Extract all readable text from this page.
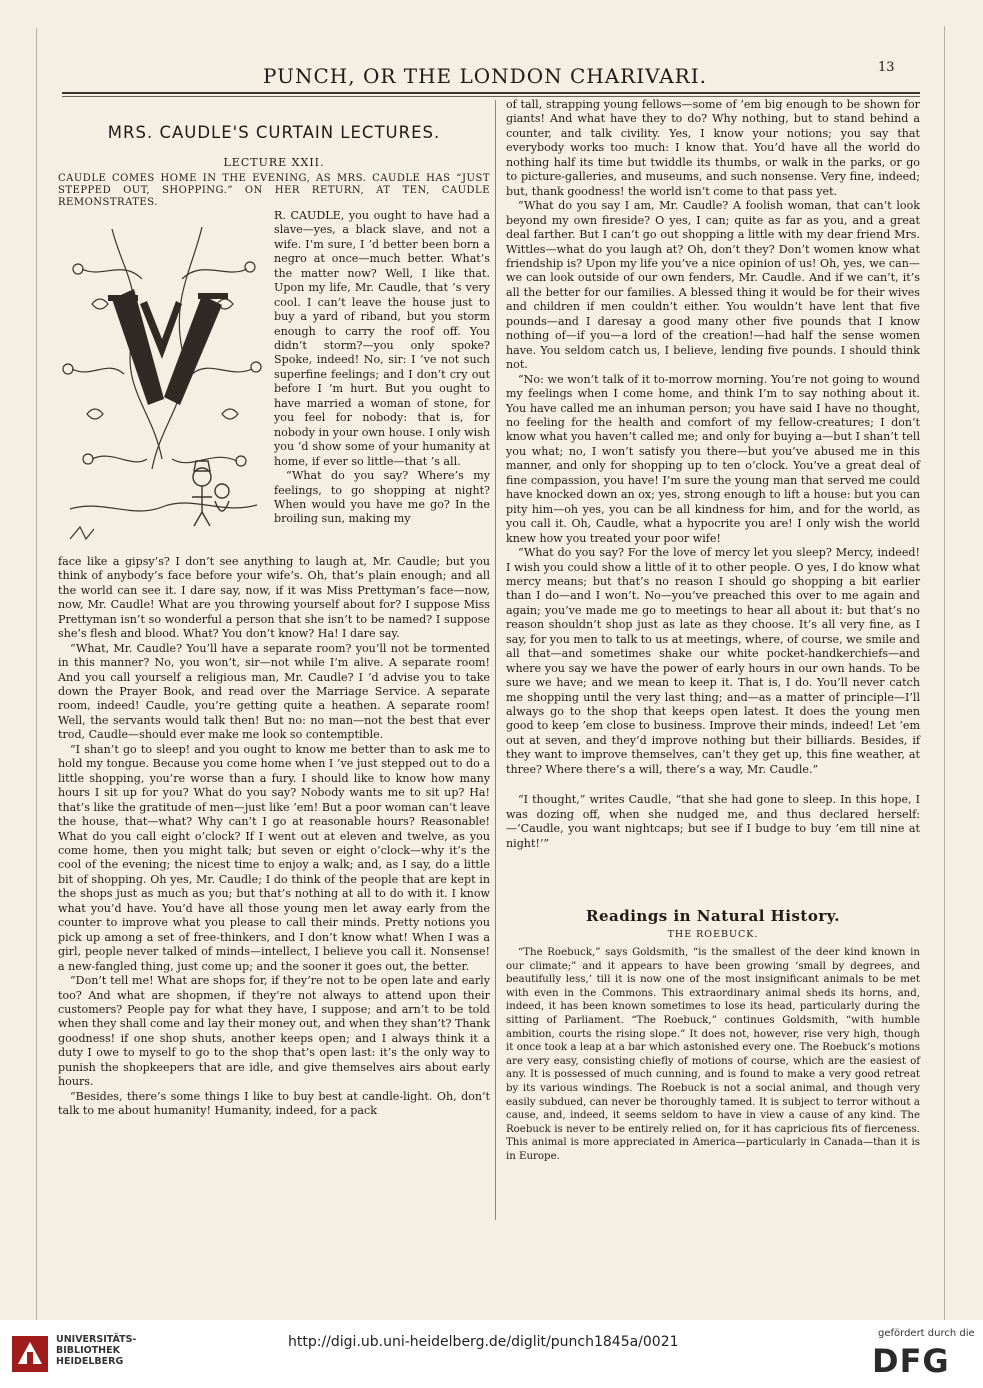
PUNCH, OR THE LONDON CHARIVARI.	13
MRS. CAUDLE'S CURTAIN LECTURES.
LECTURE XXII.

CAUDLE COMES HOME IN THE EVENING, AS MRS. CAUDLE HAS “JUST STEPPED OUT, SHOPPING.” ON HER RETURN, AT TEN, CAUDLE REMONSTRATES.

R. CAUDLE, you ought to have had a slave—yes, a black slave, and not a wife. I’m sure, I ’d better been born a negro at once—much better. What’s the matter now? Well, I like that. Upon my life, Mr. Caudle, that ’s very cool. I can’t leave the house just to buy a yard of riband, but you storm enough to carry the roof off. You didn’t storm?—you only spoke? Spoke, indeed! No, sir: I ’ve not such superfine feelings; and I don’t cry out before I ’m hurt. But you ought to have married a woman of stone, for you feel for nobody: that is, for nobody in your own house. I only wish you ’d show some of your humanity at home, if ever so little—that ’s all.

“What do you say? Where’s my feelings, to go shopping at night? When would you have me go? In the broiling sun, making my

face like a gipsy’s? I don’t see anything to laugh at, Mr. Caudle; but you think of anybody’s face before your wife’s. Oh, that’s plain enough; and all the world can see it. I dare say, now, if it was Miss Prettyman’s face—now, now, Mr. Caudle! What are you throwing yourself about for? I suppose Miss Prettyman isn’t so wonderful a person that she isn’t to be named? I suppose she’s flesh and blood. What? You don’t know? Ha! I dare say.

“What, Mr. Caudle? You’ll have a separate room? you’ll not be tormented in this manner? No, you won’t, sir—not while I’m alive. A separate room! And you call yourself a religious man, Mr. Caudle? I ’d advise you to take down the Prayer Book, and read over the Marriage Service. A separate room, indeed! Caudle, you’re getting quite a heathen. A separate room! Well, the servants would talk then! But no: no man—not the best that ever trod, Caudle—should ever make me look so contemptible.

“I shan’t go to sleep! and you ought to know me better than to ask me to hold my tongue. Because you come home when I ’ve just stepped out to do a little shopping, you’re worse than a fury. I should like to know how many hours I sit up for you? What do you say? Nobody wants me to sit up? Ha! that’s like the gratitude of men—just like ’em! But a poor woman can’t leave the house, that—what? Why can’t I go at reasonable hours? Reasonable! What do you call eight o’clock? If I went out at eleven and twelve, as you come home, then you might talk; but seven or eight o’clock—why it’s the cool of the evening; the nicest time to enjoy a walk; and, as I say, do a little bit of shopping. Oh yes, Mr. Caudle; I do think of the people that are kept in the shops just as much as you; but that’s nothing at all to do with it. I know what you’d have. You’d have all those young men let away early from the counter to improve what you please to call their minds. Pretty notions you pick up among a set of free-thinkers, and I don’t know what! When I was a girl, people never talked of minds—intellect, I believe you call it. Nonsense! a new-fangled thing, just come up; and the sooner it goes out, the better.

“Don’t tell me! What are shops for, if they’re not to be open late and early too? And what are shopmen, if they’re not always to attend upon their customers? People pay for what they have, I suppose; and arn’t to be told when they shall come and lay their money out, and when they shan’t? Thank goodness! if one shop shuts, another keeps open; and I always think it a duty I owe to myself to go to the shop that’s open last: it’s the only way to punish the shopkeepers that are idle, and give themselves airs about early hours.

“Besides, there’s some things I like to buy best at candle-light. Oh, don’t talk to me about humanity! Humanity, indeed, for a pack

of tall, strapping young fellows—some of ’em big enough to be shown for giants! And what have they to do? Why nothing, but to stand behind a counter, and talk civility. Yes, I know your notions; you say that everybody works too much: I know that. You’d have all the world do nothing half its time but twiddle its thumbs, or walk in the parks, or go to picture-galleries, and museums, and such nonsense. Very fine, indeed; but, thank goodness! the world isn’t come to that pass yet.

“What do you say I am, Mr. Caudle? A foolish woman, that can’t look beyond my own fireside? O yes, I can; quite as far as you, and a great deal farther. But I can’t go out shopping a little with my dear friend Mrs. Wittles—what do you laugh at? Oh, don’t they? Don’t women know what friendship is? Upon my life you’ve a nice opinion of us! Oh, yes, we can—we can look outside of our own fenders, Mr. Caudle. And if we can’t, it’s all the better for our families. A blessed thing it would be for their wives and children if men couldn’t either. You wouldn’t have lent that five pounds—and I daresay a good many other five pounds that I know nothing of—if you—a lord of the creation!—had half the sense women have. You seldom catch us, I believe, lending five pounds. I should think not.

“No: we won’t talk of it to-morrow morning. You’re not going to wound my feelings when I come home, and think I’m to say nothing about it. You have called me an inhuman person; you have said I have no thought, no feeling for the health and comfort of my fellow-creatures; I don’t know what you haven’t called me; and only for buying a—but I shan’t tell you what; no, I won’t satisfy you there—but you’ve abused me in this manner, and only for shopping up to ten o’clock. You’ve a great deal of fine compassion, you have! I’m sure the young man that served me could have knocked down an ox; yes, strong enough to lift a house: but you can pity him—oh yes, you can be all kindness for him, and for the world, as you call it. Oh, Caudle, what a hypocrite you are! I only wish the world knew how you treated your poor wife!

“What do you say? For the love of mercy let you sleep? Mercy, indeed! I wish you could show a little of it to other people. O yes, I do know what mercy means; but that’s no reason I should go shopping a bit earlier than I do—and I won’t. No—you’ve preached this over to me again and again; you’ve made me go to meetings to hear all about it: but that’s no reason shouldn’t shop just as late as they choose. It’s all very fine, as I say, for you men to talk to us at meetings, where, of course, we smile and all that—and sometimes shake our white pocket-handkerchiefs—and where you say we have the power of early hours in our own hands. To be sure we have; and we mean to keep it. That is, I do. You’ll never catch me shopping until the very last thing; and—as a matter of principle—I’ll always go to the shop that keeps open latest. It does the young men good to keep ’em close to business. Improve their minds, indeed! Let ’em out at seven, and they’d improve nothing but their billiards. Besides, if they want to improve themselves, can’t they get up, this fine weather, at three? Where there’s a will, there’s a way, Mr. Caudle.”

“I thought,” writes Caudle, “that she had gone to sleep. In this hope, I was dozing off, when she nudged me, and thus declared herself:—‘Caudle, you want nightcaps; but see if I budge to buy ’em till nine at night!’”

Readings in Natural History.
THE ROEBUCK.

“The Roebuck,” says Goldsmith, “is the smallest of the deer kind known in our climate;” and it appears to have been growing ‘small by degrees, and beautifully less,’ till it is now one of the most insignificant animals to be met with even in the Commons. This extraordinary animal sheds its horns, and, indeed, it has been known sometimes to lose its head, particularly during the sitting of Parliament. “The Roebuck,” continues Goldsmith, “with humble ambition, courts the rising slope.” It does not, however, rise very high, though it once took a leap at a bar which astonished every one. The Roebuck’s motions are very easy, consisting chiefly of motions of course, which are the easiest of any. It is possessed of much cunning, and is found to make a very good retreat by its various windings. The Roebuck is not a social animal, and though very easily subdued, can never be thoroughly tamed. It is subject to terror without a cause, and, indeed, it seems seldom to have in view a cause of any kind. The Roebuck is never to be entirely relied on, for it has capricious fits of fierceness. This animal is more appreciated in America—particularly in Canada—than it is in Europe.

UNIVERSITÄTS-
BIBLIOTHEK
HEIDELBERG
http://digi.ub.uni-heidelberg.de/diglit/punch1845a/0021
gefördert durch die
DFG
